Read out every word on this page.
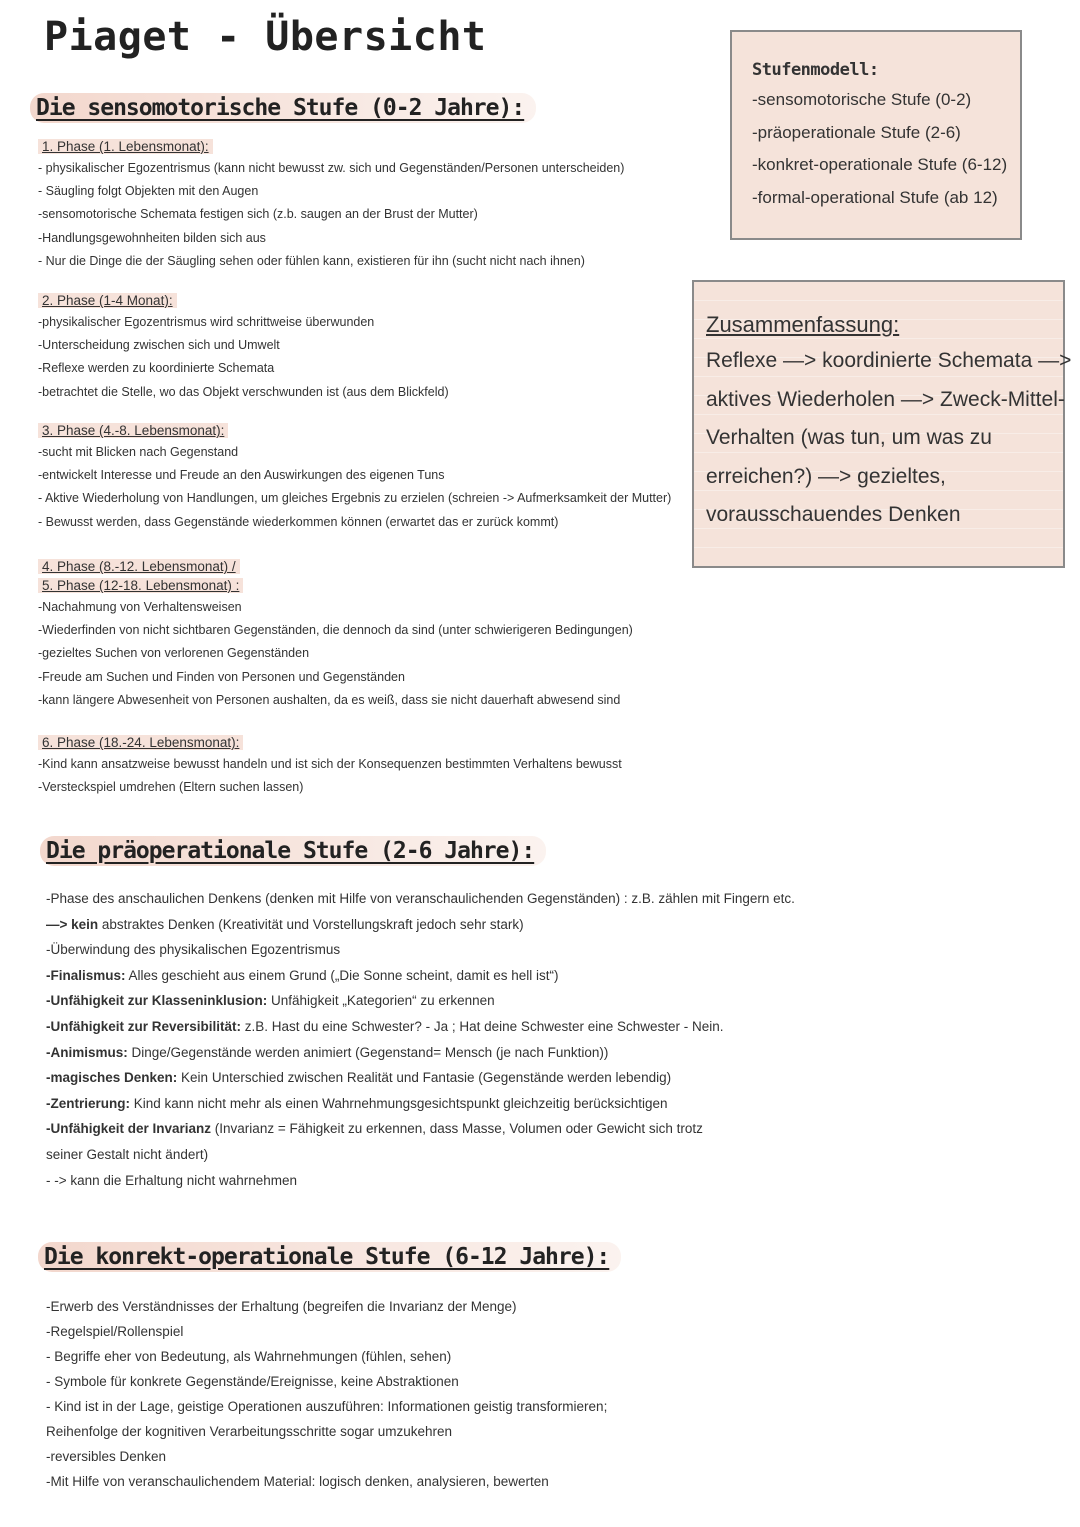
Piaget - Übersicht
Stufenmodell:
-sensomotorische Stufe (0-2)
-präoperationale Stufe (2-6)
-konkret-operationale Stufe (6-12)
-formal-operational Stufe (ab 12)
Zusammenfassung:
Reflexe —> koordinierte Schemata —>
aktives Wiederholen —> Zweck-Mittel-
Verhalten (was tun, um was zu
erreichen?) —> gezieltes,
vorausschauendes Denken
Die sensomotorische Stufe (0-2 Jahre):
1. Phase (1. Lebensmonat):
- physikalischer Egozentrismus (kann nicht bewusst zw. sich und Gegenständen/Personen unterscheiden)
- Säugling folgt Objekten mit den Augen
-sensomotorische Schemata festigen sich (z.b. saugen an der Brust der Mutter)
-Handlungsgewohnheiten bilden sich aus
- Nur die Dinge die der Säugling sehen oder fühlen kann, existieren für ihn (sucht nicht nach ihnen)
2. Phase (1-4 Monat):
-physikalischer Egozentrismus wird schrittweise überwunden
-Unterscheidung zwischen sich und Umwelt
-Reflexe werden zu koordinierte Schemata
-betrachtet die Stelle, wo das Objekt verschwunden ist (aus dem Blickfeld)
3. Phase (4.-8. Lebensmonat):
-sucht mit Blicken nach Gegenstand
-entwickelt Interesse und Freude an den Auswirkungen des eigenen Tuns
- Aktive Wiederholung von Handlungen, um gleiches Ergebnis zu erzielen (schreien -> Aufmerksamkeit der Mutter)
- Bewusst werden, dass Gegenstände wiederkommen können (erwartet das er zurück kommt)
4. Phase (8.-12. Lebensmonat) /
5. Phase (12-18. Lebensmonat) :
-Nachahmung von Verhaltensweisen
-Wiederfinden von nicht sichtbaren Gegenständen, die dennoch da sind (unter schwierigeren Bedingungen)
-gezieltes Suchen von verlorenen Gegenständen
-Freude am Suchen und Finden von Personen und Gegenständen
-kann längere Abwesenheit von Personen aushalten, da es weiß, dass sie nicht dauerhaft abwesend sind
6. Phase (18.-24. Lebensmonat):
-Kind kann ansatzweise bewusst handeln und ist sich der Konsequenzen bestimmten Verhaltens bewusst
-Versteckspiel umdrehen (Eltern suchen lassen)
Die präoperationale Stufe (2-6 Jahre):
-Phase des anschaulichen Denkens (denken mit Hilfe von veranschaulichenden Gegenständen) : z.B. zählen mit Fingern etc.
—> kein abstraktes Denken (Kreativität und Vorstellungskraft jedoch sehr stark)
-Überwindung des physikalischen Egozentrismus
-Finalismus: Alles geschieht aus einem Grund („Die Sonne scheint, damit es hell ist“)
-Unfähigkeit zur Klasseninklusion: Unfähigkeit „Kategorien“ zu erkennen
-Unfähigkeit zur Reversibilität: z.B. Hast du eine Schwester? - Ja ; Hat deine Schwester eine Schwester - Nein.
-Animismus: Dinge/Gegenstände werden animiert (Gegenstand= Mensch (je nach Funktion))
-magisches Denken: Kein Unterschied zwischen Realität und Fantasie (Gegenstände werden lebendig)
-Zentrierung: Kind kann nicht mehr als einen Wahrnehmungsgesichtspunkt gleichzeitig berücksichtigen
-Unfähigkeit der Invarianz (Invarianz = Fähigkeit zu erkennen, dass Masse, Volumen oder Gewicht sich trotz
seiner Gestalt nicht ändert)
- -> kann die Erhaltung nicht wahrnehmen
Die konrekt-operationale Stufe (6-12 Jahre):
-Erwerb des Verständnisses der Erhaltung (begreifen die Invarianz der Menge)
-Regelspiel/Rollenspiel
- Begriffe eher von Bedeutung, als Wahrnehmungen (fühlen, sehen)
- Symbole für konkrete Gegenstände/Ereignisse, keine Abstraktionen
- Kind ist in der Lage, geistige Operationen auszuführen: Informationen geistig transformieren;
Reihenfolge der kognitiven Verarbeitungsschritte sogar umzukehren
-reversibles Denken
-Mit Hilfe von veranschaulichendem Material: logisch denken, analysieren, bewerten
